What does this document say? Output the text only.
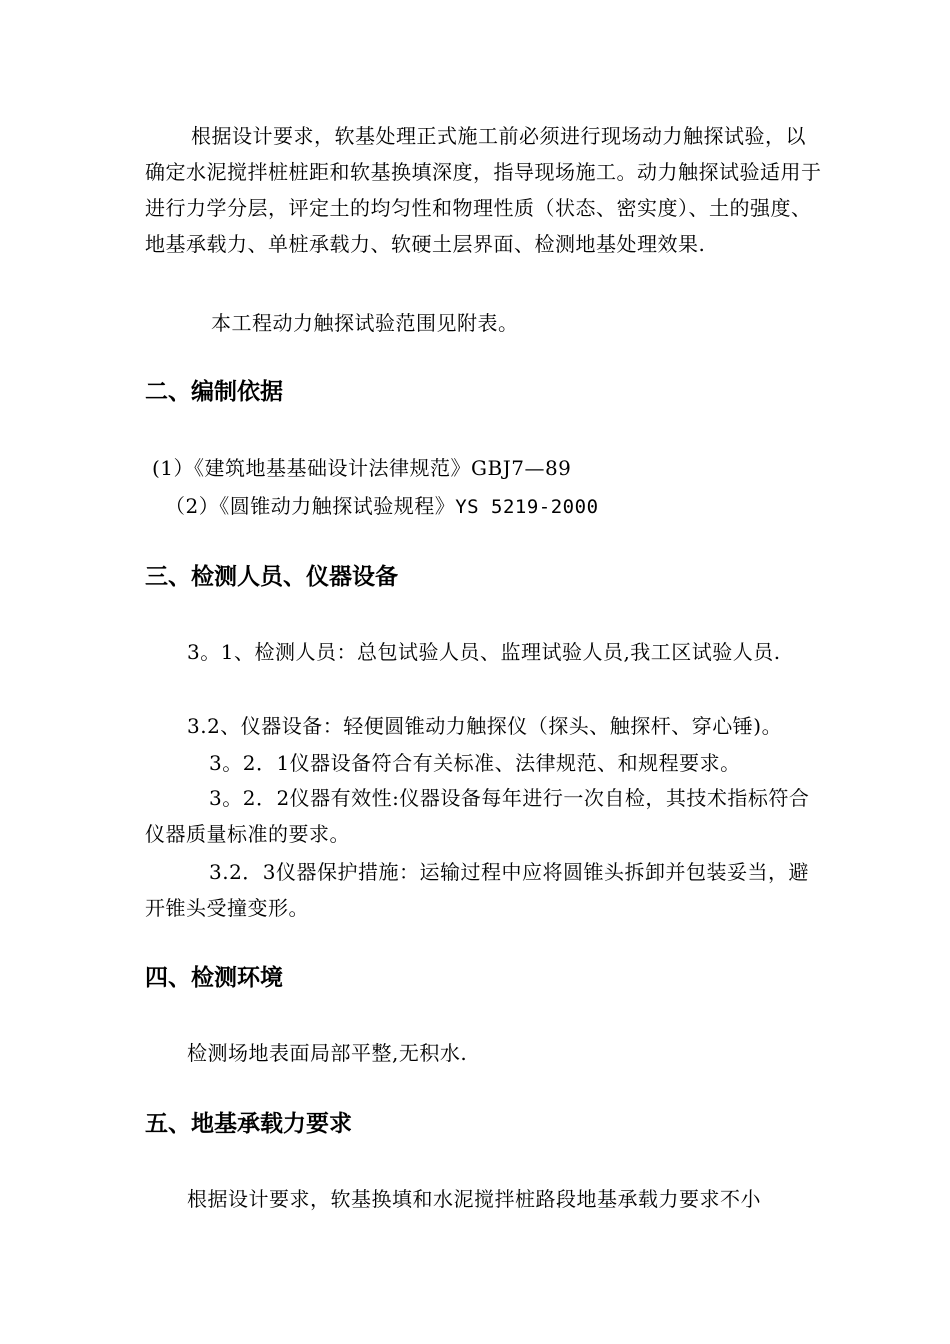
根据设计要求，软基处理正式施工前必须进行现场动力触探试验，以确定水泥搅拌桩桩距和软基换填深度，指导现场施工。动力触探试验适用于进行力学分层，评定土的均匀性和物理性质（状态、密实度）、土的强度、地基承载力、单桩承载力、软硬土层界面、检测地基处理效果.

本工程动力触探试验范围见附表。

二、编制依据

(1）《建筑地基基础设计法律规范》GBJ7—89

（2）《圆锥动力触探试验规程》YS 5219-2000

三、检测人员、仪器设备

3。1、检测人员：总包试验人员、监理试验人员,我工区试验人员.

3.2、仪器设备：轻便圆锥动力触探仪（探头、触探杆、穿心锤)。

3。2．1仪器设备符合有关标准、法律规范、和规程要求。

3。2．2仪器有效性:仪器设备每年进行一次自检，其技术指标符合仪器质量标准的要求。

3.2．3仪器保护措施：运输过程中应将圆锥头拆卸并包装妥当，避开锥头受撞变形。

四、检测环境

检测场地表面局部平整,无积水.

五、地基承载力要求

根据设计要求，软基换填和水泥搅拌桩路段地基承载力要求不小
